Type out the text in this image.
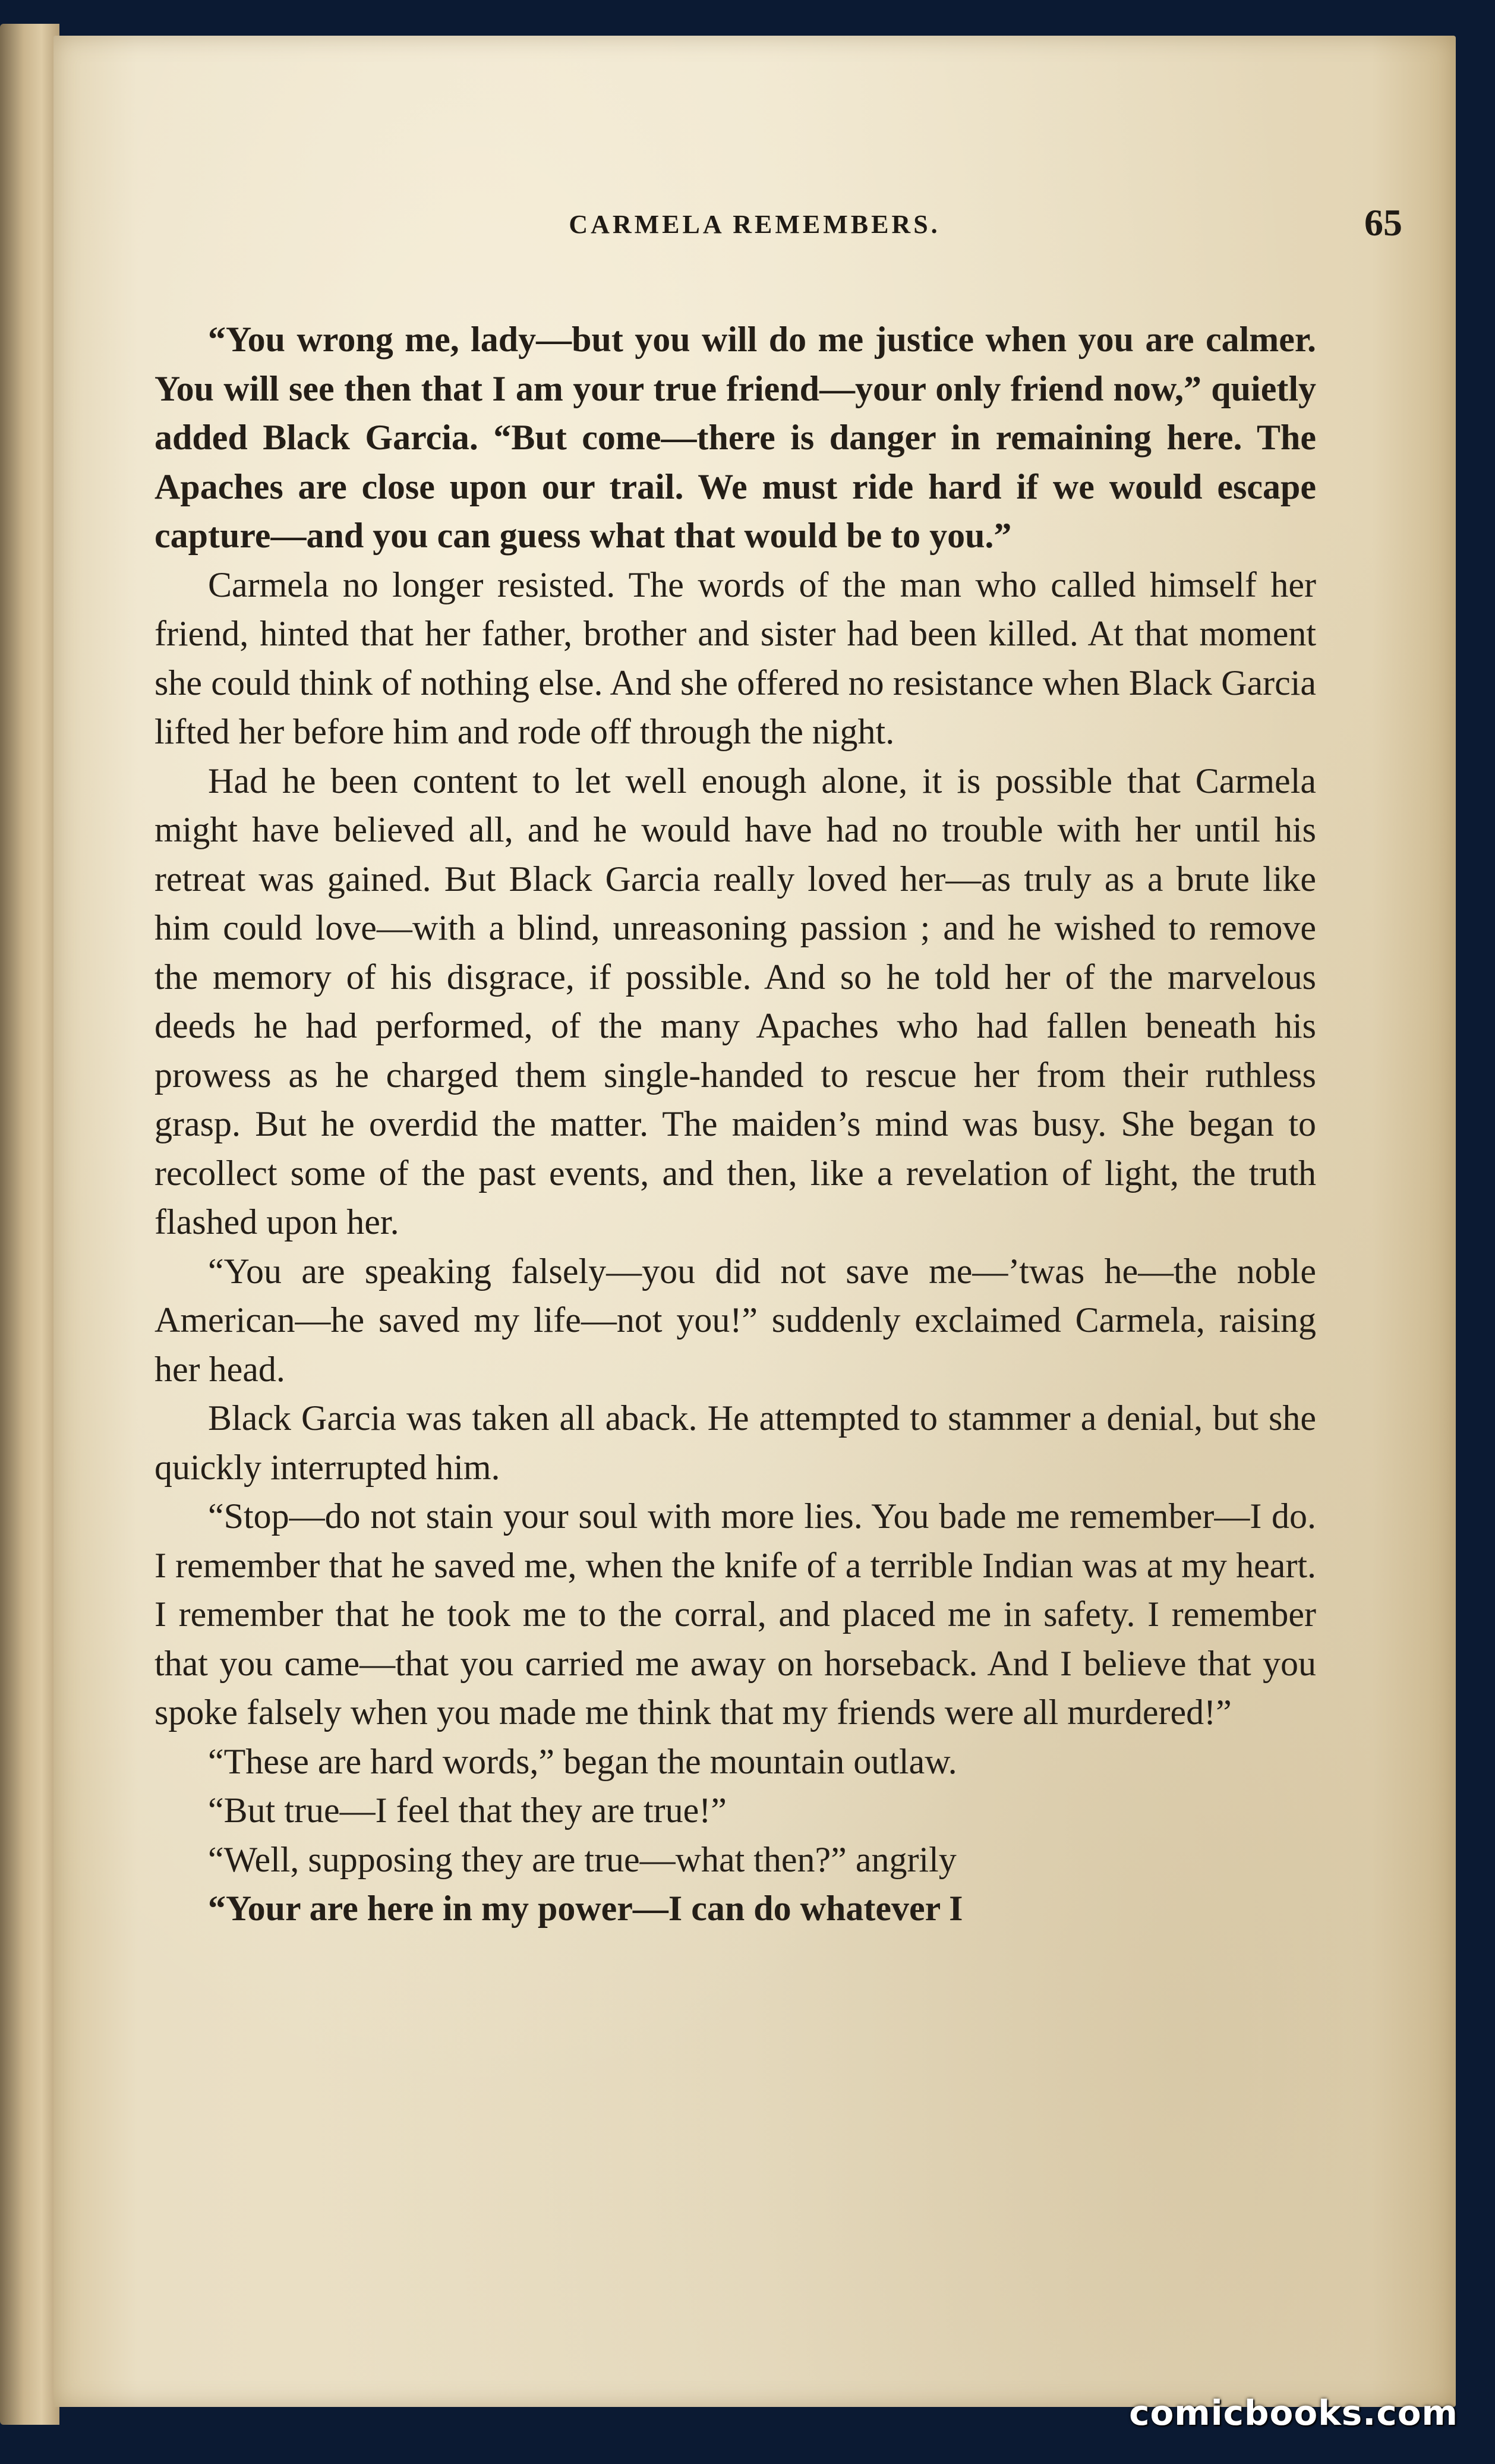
CARMELA REMEMBERS.	65

“You wrong me, lady—but you will do me justice when you are calmer. You will see then that I am your true friend—your only friend now,” quietly added Black Garcia. “But come—there is danger in remaining here. The Apaches are close upon our trail. We must ride hard if we would escape capture—and you can guess what that would be to you.”

Carmela no longer resisted. The words of the man who called himself her friend, hinted that her father, brother and sister had been killed. At that moment she could think of nothing else. And she offered no resistance when Black Garcia lifted her before him and rode off through the night.

Had he been content to let well enough alone, it is possible that Carmela might have believed all, and he would have had no trouble with her until his retreat was gained. But Black Garcia really loved her—as truly as a brute like him could love—with a blind, unreasoning passion ; and he wished to remove the memory of his disgrace, if possible. And so he told her of the marvelous deeds he had performed, of the many Apaches who had fallen beneath his prowess as he charged them single-handed to rescue her from their ruthless grasp. But he overdid the matter. The maiden’s mind was busy. She began to recollect some of the past events, and then, like a revelation of light, the truth flashed upon her.

“You are speaking falsely—you did not save me—’twas he—the noble American—he saved my life—not you!” suddenly exclaimed Carmela, raising her head.

Black Garcia was taken all aback. He attempted to stammer a denial, but she quickly interrupted him.

“Stop—do not stain your soul with more lies. You bade me remember—I do. I remember that he saved me, when the knife of a terrible Indian was at my heart. I remember that he took me to the corral, and placed me in safety. I remember that you came—that you carried me away on horseback. And I believe that you spoke falsely when you made me think that my friends were all murdered!”

“These are hard words,” began the mountain outlaw.

“But true—I feel that they are true!”

“Well, supposing they are true—what then?” angrily

“Your are here in my power—I can do whatever I

comicbooks.com
